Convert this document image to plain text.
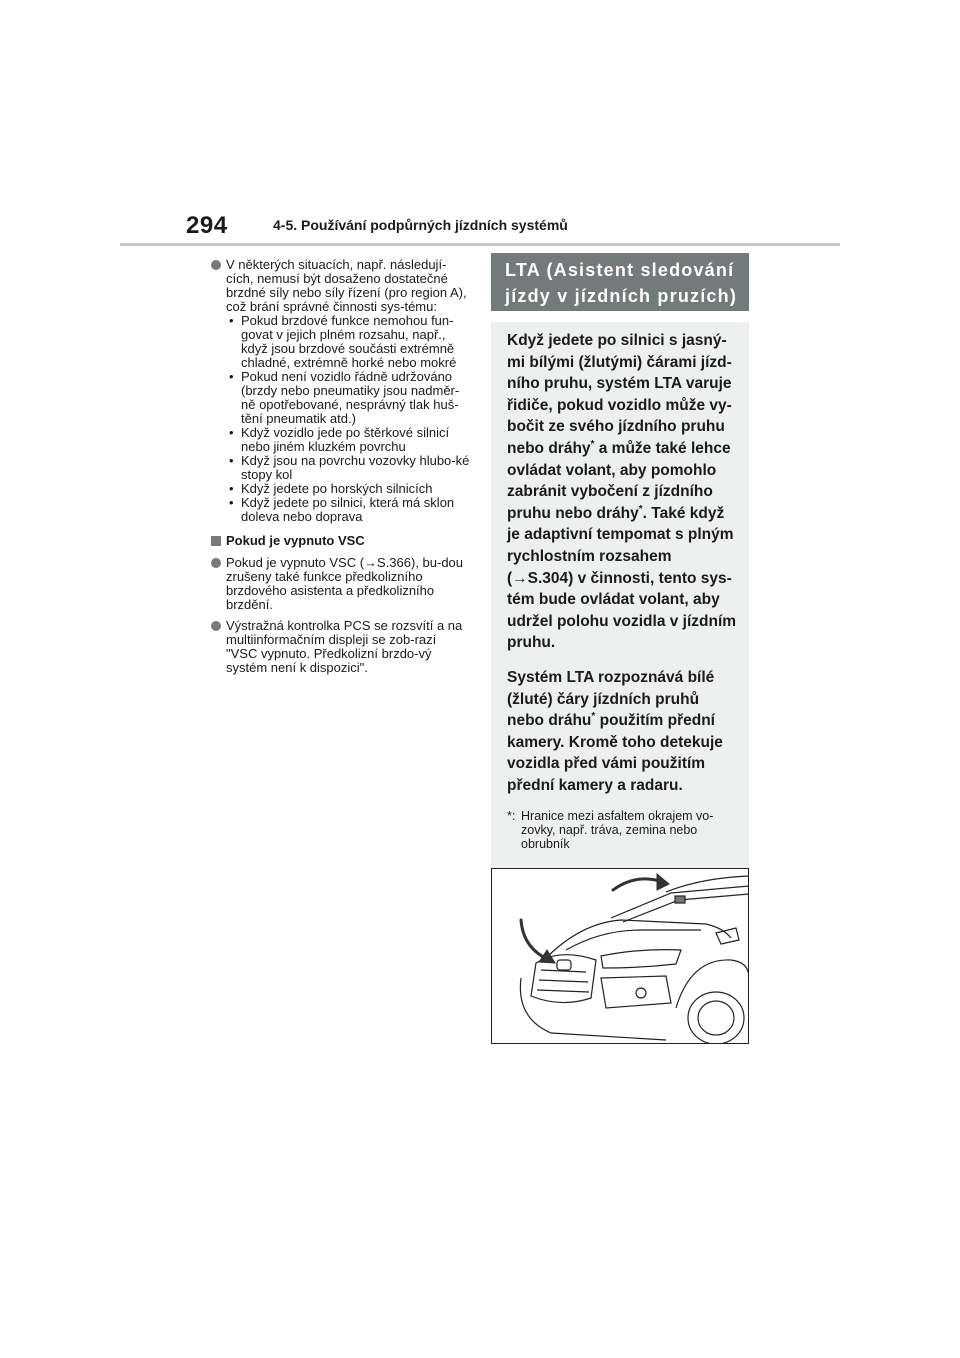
294	4-5. Používání podpůrných jízdních systémů
V některých situacích, např. následují-cích, nemusí být dosaženo dostatečné brzdné síly nebo síly řízení (pro region A), což brání správné činnosti sys-tému:
• Pokud brzdové funkce nemohou fun-govat v jejich plném rozsahu, např., když jsou brzdové součásti extrémně chladné, extrémně horké nebo mokré
• Pokud není vozidlo řádně udržováno (brzdy nebo pneumatiky jsou nadměr-ně opotřebované, nesprávný tlak huš-tění pneumatik atd.)
• Když vozidlo jede po štěrkové silnicí nebo jiném kluzkém povrchu
• Když jsou na povrchu vozovky hlubo-ké stopy kol
• Když jedete po horských silnicích
• Když jedete po silnici, která má sklon doleva nebo doprava
Pokud je vypnuto VSC
Pokud je vypnuto VSC (→S.366), bu-dou zrušeny také funkce předkolizního brzdového asistenta a předkolizního brzdění.
Výstražná kontrolka PCS se rozsvítí a na multiinformačním displeji se zob-razí "VSC vypnuto. Předkolizní brzdo-vý systém není k dispozici".
LTA (Asistent sledování jízdy v jízdních pruzích)

Když jedete po silnici s jasný-mi bílými (žlutými) čárami jízd-ního pruhu, systém LTA varuje řidiče, pokud vozidlo může vy-bočit ze svého jízdního pruhu nebo dráhy* a může také lehce ovládat volant, aby pomohlo zabránit vybočení z jízdního pruhu nebo dráhy*. Také když je adaptivní tempomat s plným rychlostním rozsahem (→S.304) v činnosti, tento sys-tém bude ovládat volant, aby udržel polohu vozidla v jízdním pruhu.

Systém LTA rozpoznává bílé (žluté) čáry jízdních pruhů nebo dráhu* použitím přední kamery. Kromě toho detekuje vozidla před vámi použitím přední kamery a radaru.

*: Hranice mezi asfaltem okrajem vo-zovky, např. tráva, zemina nebo obrubník
